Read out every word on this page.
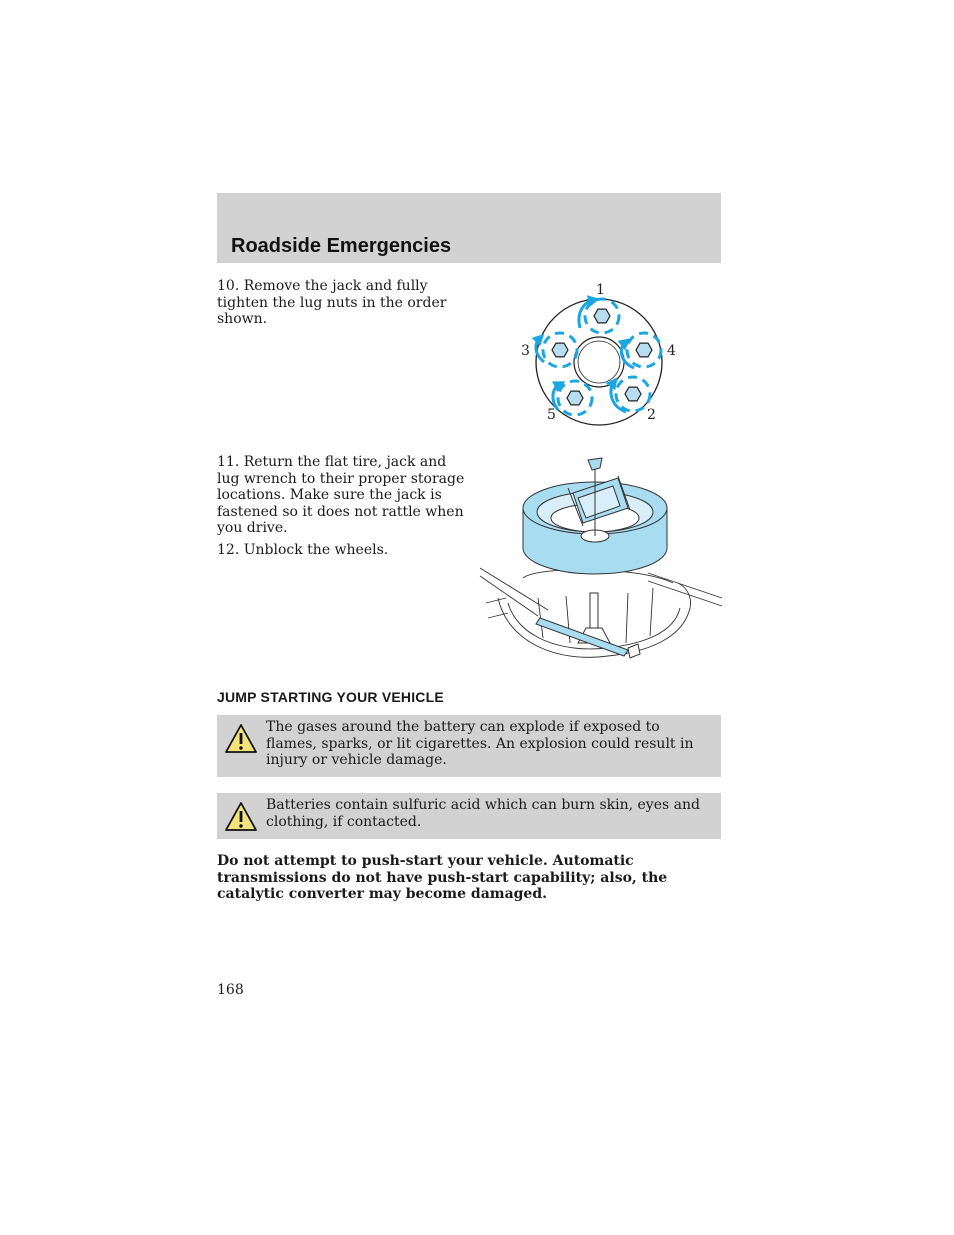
Roadside Emergencies

10. Remove the jack and fully tighten the lug nuts in the order shown.

1
2
3	4
5

11. Return the flat tire, jack and lug wrench to their proper storage locations. Make sure the jack is fastened so it does not rattle when you drive.

12. Unblock the wheels.

JUMP STARTING YOUR VEHICLE
The gases around the battery can explode if exposed to flames, sparks, or lit cigarettes. An explosion could result in injury or vehicle damage.
Batteries contain sulfuric acid which can burn skin, eyes and clothing, if contacted.

Do not attempt to push-start your vehicle. Automatic transmissions do not have push-start capability; also, the catalytic converter may become damaged.

168
